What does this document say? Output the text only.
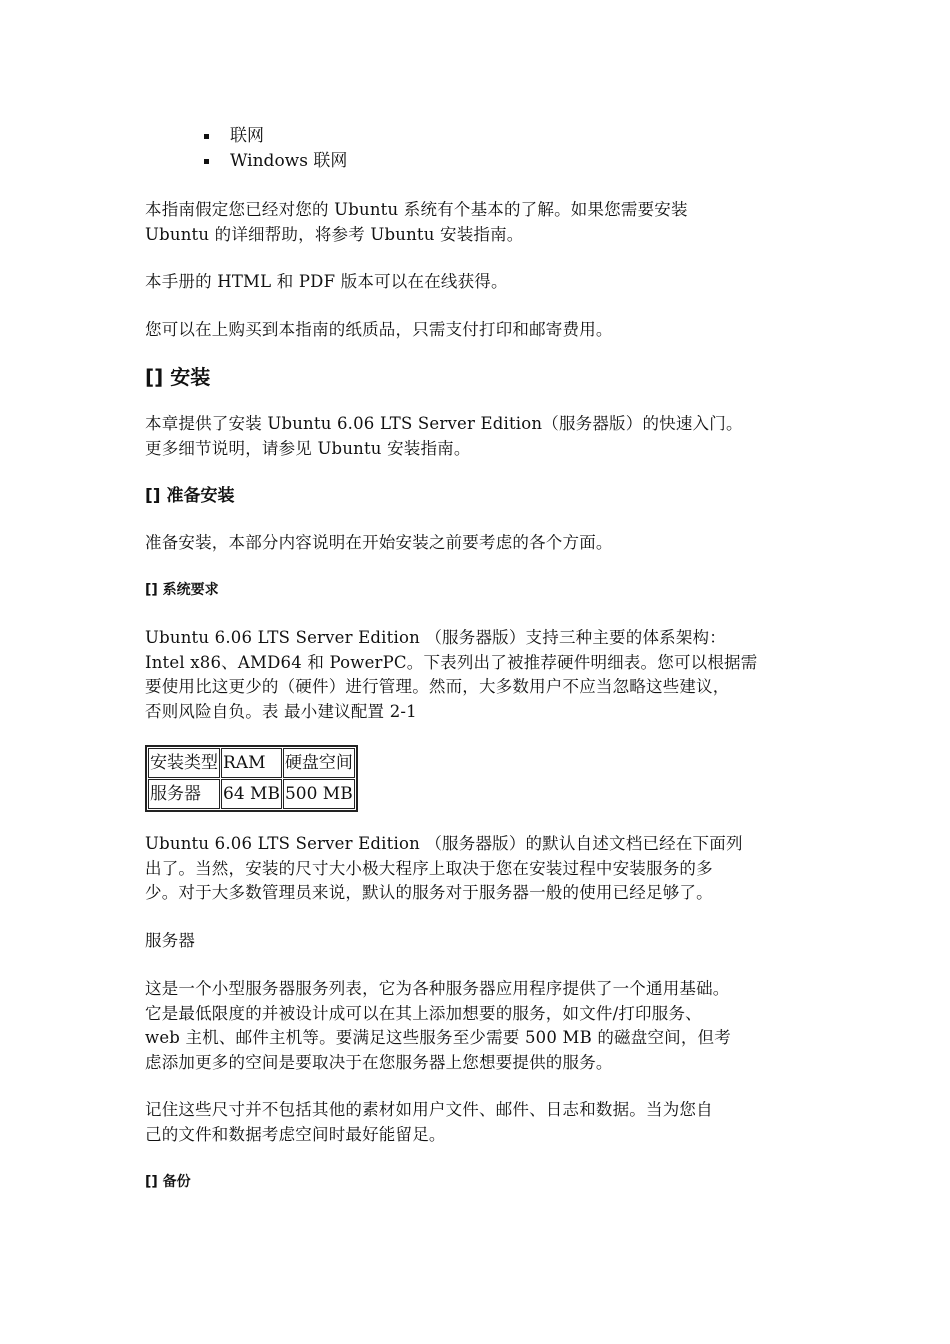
联网
Windows 联网

本指南假定您已经对您的 Ubuntu 系统有个基本的了解。如果您需要安装
Ubuntu 的详细帮助，将参考 Ubuntu 安装指南。

本手册的 HTML 和 PDF 版本可以在在线获得。

您可以在上购买到本指南的纸质品，只需支付打印和邮寄费用。

[] 安装

本章提供了安装 Ubuntu 6.06 LTS Server Edition（服务器版）的快速入门。
更多细节说明，请参见 Ubuntu 安装指南。

[] 准备安装

准备安装，本部分内容说明在开始安装之前要考虑的各个方面。

[] 系统要求

Ubuntu 6.06 LTS Server Edition （服务器版）支持三种主要的体系架构：
Intel x86、AMD64 和 PowerPC。下表列出了被推荐硬件明细表。您可以根据需
要使用比这更少的（硬件）进行管理。然而，大多数用户不应当忽略这些建议，
否则风险自负。表 最小建议配置 2-1

安装类型	RAM	硬盘空间
服务器	64 MB	500 MB

Ubuntu 6.06 LTS Server Edition （服务器版）的默认自述文档已经在下面列
出了。当然，安装的尺寸大小极大程序上取决于您在安装过程中安装服务的多
少。对于大多数管理员来说，默认的服务对于服务器一般的使用已经足够了。

服务器

这是一个小型服务器服务列表，它为各种服务器应用程序提供了一个通用基础。
它是最低限度的并被设计成可以在其上添加想要的服务，如文件/打印服务、
web 主机、邮件主机等。要满足这些服务至少需要 500 MB 的磁盘空间，但考
虑添加更多的空间是要取决于在您服务器上您想要提供的服务。

记住这些尺寸并不包括其他的素材如用户文件、邮件、日志和数据。当为您自
己的文件和数据考虑空间时最好能留足。

[] 备份
